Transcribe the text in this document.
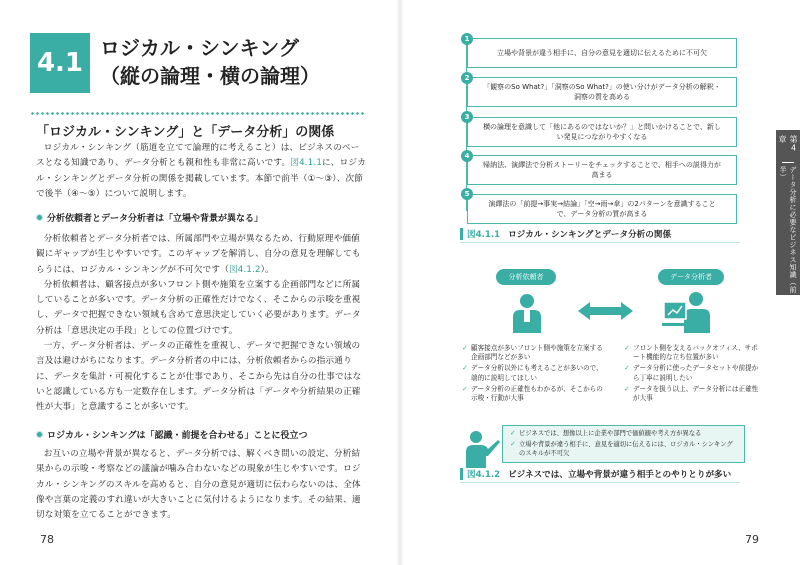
4.1 ロジカル・シンキング
（縦の論理・横の論理）
「ロジカル・シンキング」と「データ分析」の関係

ロジカル・シンキング（筋道を立てて論理的に考えること）は、ビジネスのベースとなる知識であり、データ分析とも親和性も非常に高いです。図4.1.1に、ロジカル・シンキングとデータ分析の関係を掲載しています。本節で前半（①〜③）、次節で後半（④〜⑤）について説明します。

分析依頼者とデータ分析者は「立場や背景が異なる」

分析依頼者とデータ分析者では、所属部門や立場が異なるため、行動原理や価値観にギャップが生じやすいです。このギャップを解消し、自分の意見を理解してもらうには、ロジカル・シンキングが不可欠です（図4.1.2）。

分析依頼者は、顧客接点が多いフロント側や施策を立案する企画部門などに所属していることが多いです。データ分析の正確性だけでなく、そこからの示唆を重視し、データで把握できない領域も含めて意思決定していく必要があります。データ分析は「意思決定の手段」としての位置づけです。

一方、データ分析者は、データの正確性を重視し、データで把握できない領域の言及は避けがちになります。データ分析者の中には、分析依頼者からの指示通りに、データを集計・可視化することが仕事であり、そこから先は自分の仕事ではないと認識している方も一定数存在します。データ分析は「データや分析結果の正確性が大事」と意識することが多いです。

ロジカル・シンキングは「認識・前提を合わせる」ことに役立つ

お互いの立場や背景が異なると、データ分析では、解くべき問いの設定、分析結果からの示唆・考察などの議論が噛み合わないなどの現象が生じやすいです。ロジカル・シンキングのスキルを高めると、自分の意見が適切に伝わらないのは、全体像や言葉の定義のすれ違いが大きいことに気付けるようになります。その結果、適切な対策を立てることができます。

78
立場や背景が違う相手に、自分の意見を適切に伝えるために不可欠
「観察のSo What?」「洞察のSo What?」の使い分けがデータ分析の解釈・洞察の質を高める
横の論理を意識して「他にあるのではないか？」と問いかけることで、新しい発見につながりやすくなる
帰納法、演繹法で分析ストーリーをチェックすることで、相手への説得力が高まる
演繹法の「前提→事実→結論」「空→雨→傘」の2パターンを意識することで、データ分析の質が高まる
1
2
3
4
5
図4.1.1 ロジカル・シンキングとデータ分析の関係
分析依頼者	データ分析者
✓ 顧客接点が多いフロント側や施策を立案する企画部門などが多い
✓ データ分析以外にも考えることが多いので、端的に説明してほしい
✓ データ分析の正確性もわかるが、そこからの示唆・行動が大事
✓ フロント側を支えるバックオフィス、サポート機能的な立ち位置が多い
✓ データ分析に使ったデータセットや前提から丁寧に説明したい
✓ データを扱う以上、データ分析には正確性が大事
✓ ビジネスでは、想像以上に企業や部門で価値観や考え方が異なる
✓ 立場や背景が違う相手に、意見を適切に伝えるには、ロジカル・シンキングのスキルが不可欠
図4.1.2 ビジネスでは、立場や背景が違う相手とのやりとりが多い
第4章
データ分析に必要なビジネス知識（前半）
79
